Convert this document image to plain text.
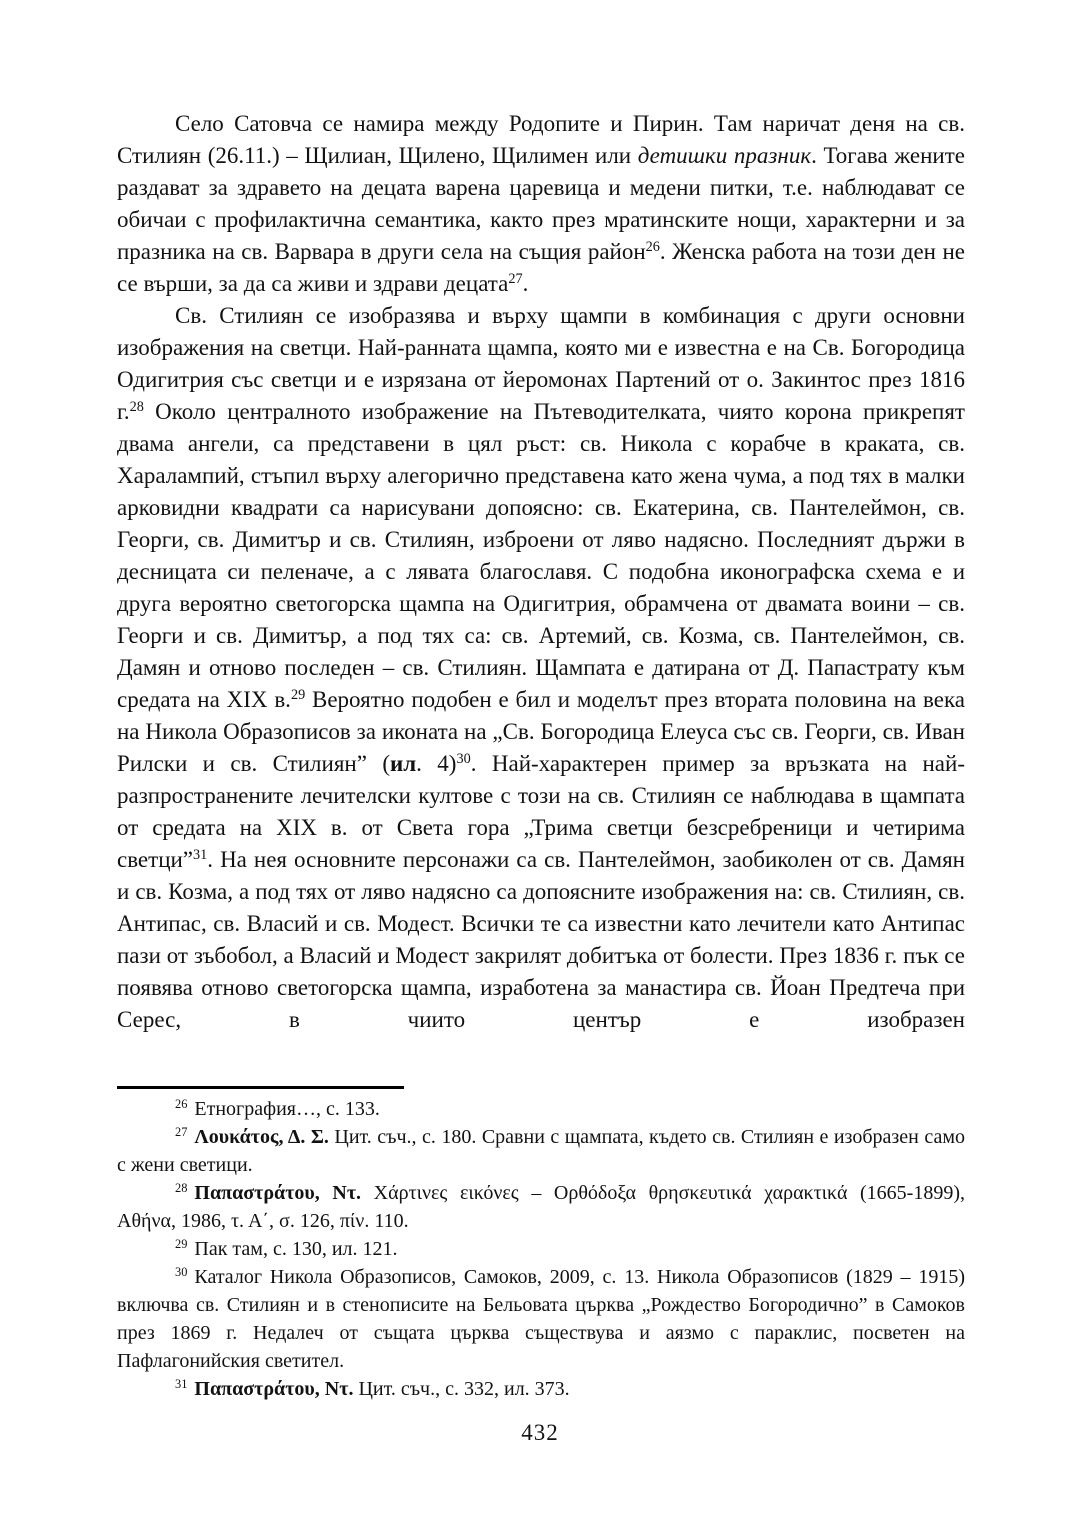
Село Сатовча се намира между Родопите и Пирин. Там наричат деня на св. Стилиян (26.11.) – Щилиан, Щилено, Щилимен или детишки празник. Тогава жените раздават за здравето на децата варена царевица и медени питки, т.е. наблюдават се обичаи с профилактична семантика, както през мратинските нощи, характерни и за празника на св. Варвара в други села на същия район$^{26}$. Женска работа на този ден не се върши, за да са живи и здрави децата$^{27}$.

Св. Стилиян се изобразява и върху щампи в комбинация с други основни изображения на светци. Най-ранната щампа, която ми е известна е на Св. Богородица Одигитрия със светци и е изрязана от йеромонах Партений от о. Закинтос през 1816 г.$^{28}$ Около централното изображение на Пътеводителката, чиято корона прикрепят двама ангели, са представени в цял ръст: св. Никола с корабче в краката, св. Харалампий, стъпил върху алегорично представена като жена чума, а под тях в малки арковидни квадрати са нарисувани допоясно: св. Екатерина, св. Пантелеймон, св. Георги, св. Димитър и св. Стилиян, изброени от ляво надясно. Последният държи в десницата си пеленаче, а с лявата благославя. С подобна иконографска схема е и друга вероятно светогорска щампа на Одигитрия, обрамчена от двамата воини – св. Георги и св. Димитър, а под тях са: св. Артемий, св. Козма, св. Пантелеймон, св. Дамян и отново последен – св. Стилиян. Щампата е датирана от Д. Папастрату към средата на XIX в.$^{29}$ Вероятно подобен е бил и моделът през втората половина на века на Никола Образописов за иконата на „Св. Богородица Елеуса със св. Георги, св. Иван Рилски и св. Стилиян” (ил. 4)$^{30}$. Най-характерен пример за връзката на най-разпространените лечителски култове с този на св. Стилиян се наблюдава в щампата от средата на XIX в. от Света гора „Трима светци безсребреници и четирима светци”$^{31}$. На нея основните персонажи са св. Пантелеймон, заобиколен от св. Дамян и св. Козма, а под тях от ляво надясно са допоясните изображения на: св. Стилиян, св. Антипас, св. Власий и св. Модест. Всички те са известни като лечители като Антипас пази от зъбобол, а Власий и Модест закрилят добитъка от болести. През 1836 г. пък се появява отново светогорска щампа, изработена за манастира св. Йоан Предтеча при Серес, в чиито център е изобразен

$^{26}$ Етнография…, с. 133.

$^{27}$ Λουκάτος, Δ. Σ. Цит. съч., с. 180. Сравни с щампата, където св. Стилиян е изобразен само с жени светици.

$^{28}$ Παπαστράτου, Ντ. Χάρτινες εικόνες – Ορθόδοξα θρησκευτικά χαρακτικά (1665-1899), Αθήνα, 1986, τ. Α΄, σ. 126, πίν. 110.

$^{29}$ Пак там, с. 130, ил. 121.

$^{30}$ Каталог Никола Образописов, Самоков, 2009, с. 13. Никола Образописов (1829 – 1915) включва св. Стилиян и в стенописите на Бельовата църква „Рождество Богородично” в Самоков през 1869 г. Недалеч от същата църква съществува и аязмо с параклис, посветен на Пафлагонийския светител.

$^{31}$ Παπαστράτου, Ντ. Цит. съч., с. 332, ил. 373.

432
